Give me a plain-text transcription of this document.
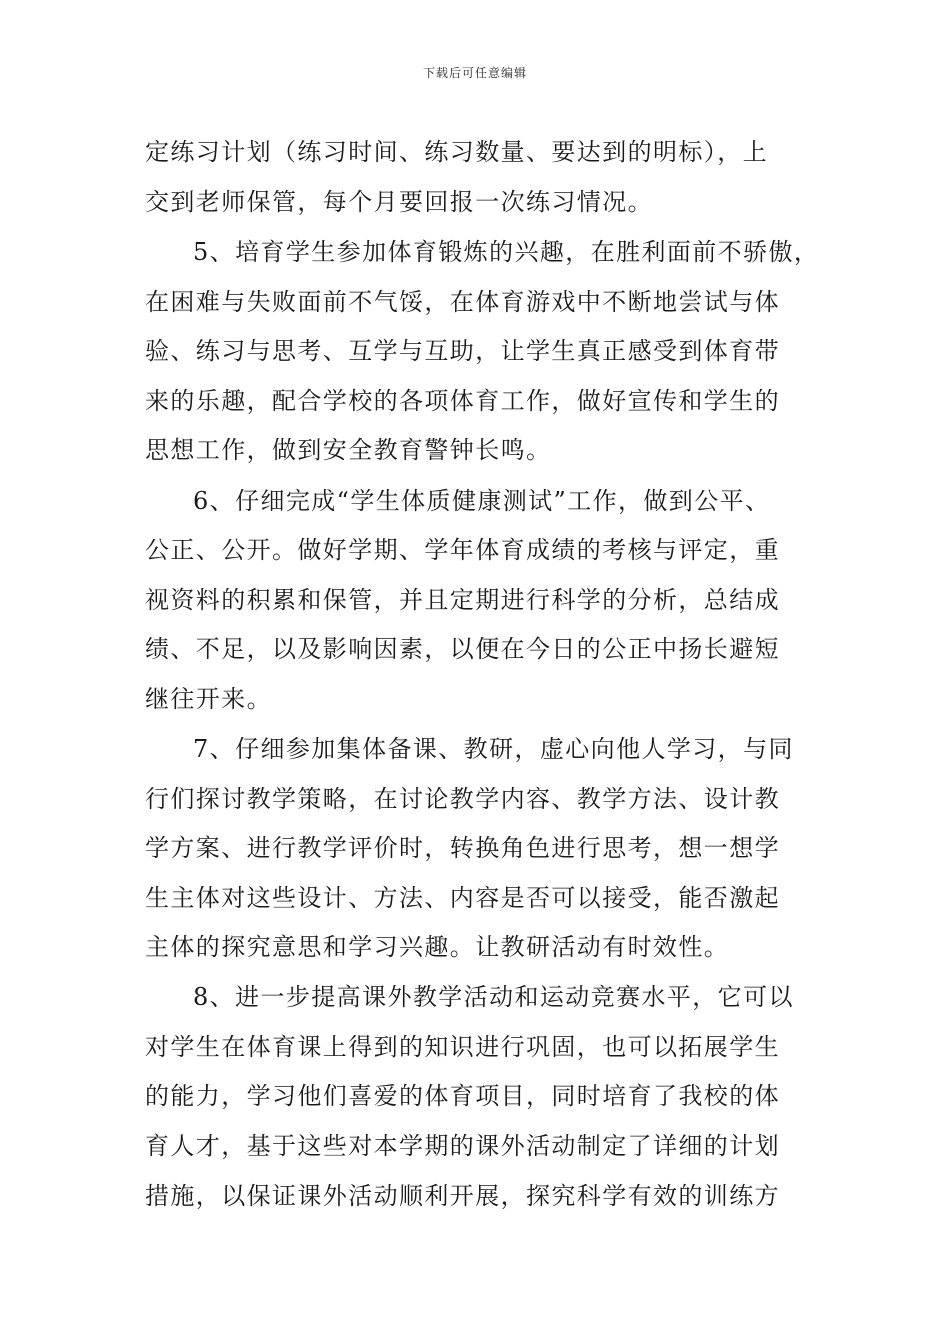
下载后可任意编辑
定练习计划（练习时间、练习数量、要达到的明标），上
交到老师保管，每个月要回报一次练习情况。
5、培育学生参加体育锻炼的兴趣，在胜利面前不骄傲，
在困难与失败面前不气馁，在体育游戏中不断地尝试与体
验、练习与思考、互学与互助，让学生真正感受到体育带
来的乐趣，配合学校的各项体育工作，做好宣传和学生的
思想工作，做到安全教育警钟长鸣。
6、仔细完成“学生体质健康测试”工作，做到公平、
公正、公开。做好学期、学年体育成绩的考核与评定，重
视资料的积累和保管，并且定期进行科学的分析，总结成
绩、不足，以及影响因素，以便在今日的公正中扬长避短
继往开来。
7、仔细参加集体备课、教研，虚心向他人学习，与同
行们探讨教学策略，在讨论教学内容、教学方法、设计教
学方案、进行教学评价时，转换角色进行思考，想一想学
生主体对这些设计、方法、内容是否可以接受，能否激起
主体的探究意思和学习兴趣。让教研活动有时效性。
8、进一步提高课外教学活动和运动竞赛水平，它可以
对学生在体育课上得到的知识进行巩固，也可以拓展学生
的能力，学习他们喜爱的体育项目，同时培育了我校的体
育人才，基于这些对本学期的课外活动制定了详细的计划
措施，以保证课外活动顺利开展，探究科学有效的训练方
